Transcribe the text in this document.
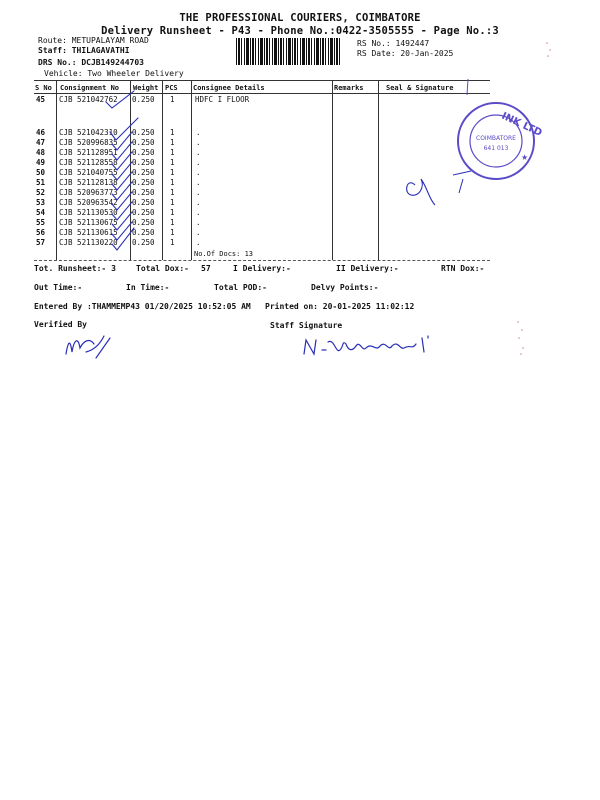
THE PROFESSIONAL COURIERS, COIMBATORE
Delivery Runsheet - P43 - Phone No.:0422-3505555 - Page No.:3
Route: METUPALAYAM ROAD
Staff: THILAGAVATHI
DRS No.: DCJB149244703
Vehicle: Two Wheeler Delivery
RS No.: 1492447
RS Date: 20-Jan-2025
S No Consignment No Weight PCS Consignee Details	Remarks	Seal & Signature
45 CJB 521042762 0.250 1	HDFC I FLOOR
46 CJB 521042310 0.250 1	.
47 CJB 520996835 0.250 1	.
48 CJB 521128951 0.250 1	.
49 CJB 521128558 0.250 1	.
50 CJB 521040755 0.250 1	.
51 CJB 521128138 0.250 1	.
52 CJB 520963773 0.250 1	.
53 CJB 520963542 0.250 1	.
54 CJB 521130530 0.250 1	.
55 CJB 521130675 0.250 1	.
56 CJB 521130615 0.250 1	.
57 CJB 521130220 0.250 1	.
No.Of Docs: 13
INK LTD
COIMBATORE
641 013
★
Tot. Runsheet:- 3	Total Dox:- 57	I Delivery:-	II Delivery:-	RTN Dox:-
Out Time:-	In Time:-	Total POD:-	Delvy Points:-
Entered By :THAMMEMP43 01/20/2025 10:52:05 AM Printed on: 20-01-2025 11:02:12
Verified By	Staff Signature
